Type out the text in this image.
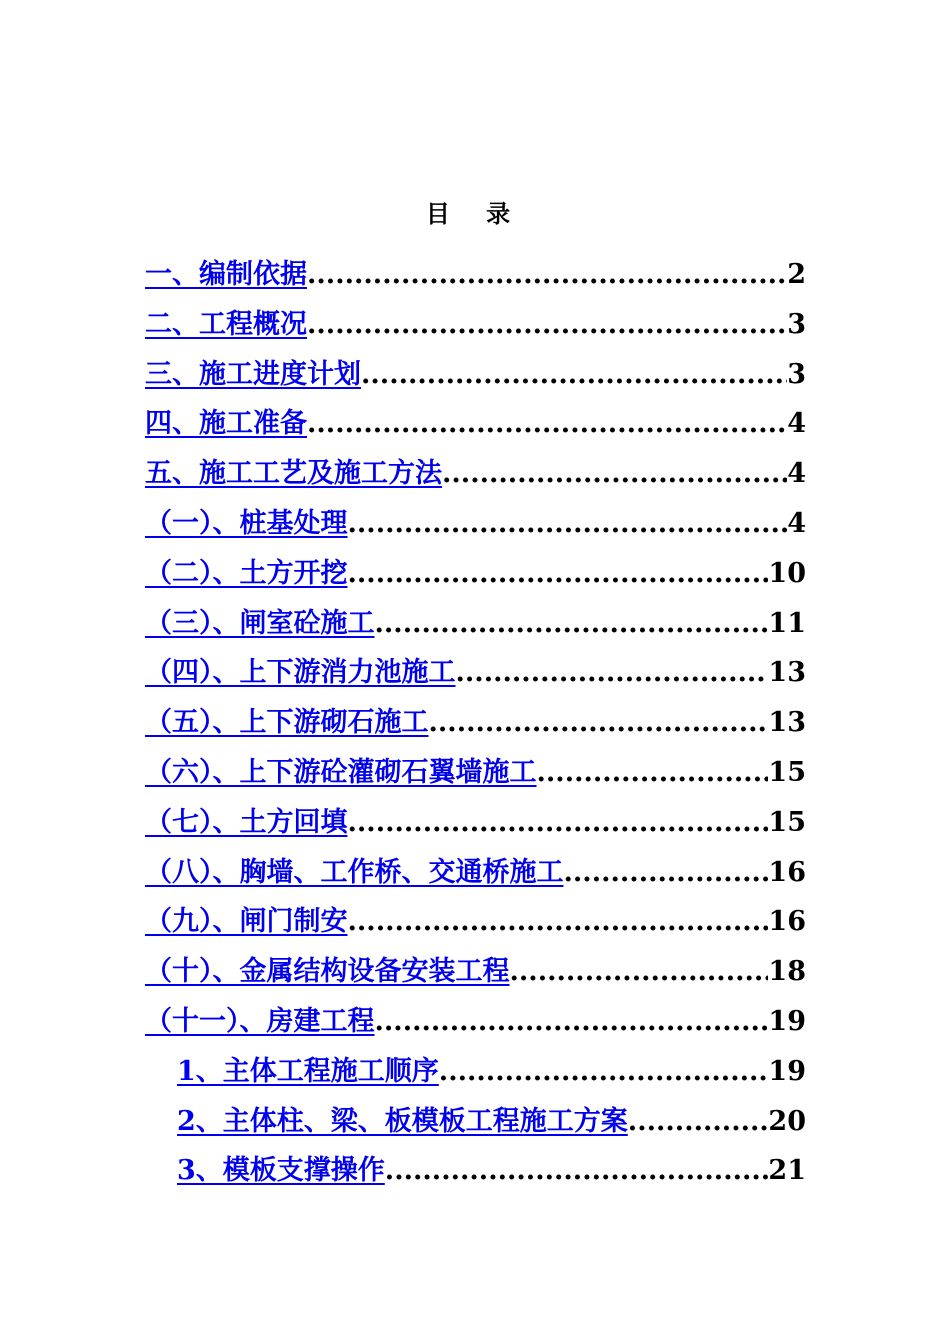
目 录
一、编制依据 .....	2
二、工程概况 .....	3
三、施工进度计划 .....	3
四、施工准备 .....	4
五、施工工艺及施工方法 .....	4
（一）、桩基处理 .....	4
（二）、土方开挖 .....	10
（三）、闸室砼施工 .....	11
（四）、上下游消力池施工 .....	13
（五）、上下游砌石施工 .....	13
（六）、上下游砼灌砌石翼墙施工 .....	15
（七）、土方回填 .....	15
（八）、胸墙、工作桥、交通桥施工 .....	16
（九）、闸门制安 .....	16
（十）、金属结构设备安装工程 .....	18
（十一）、房建工程 .....	19
1、主体工程施工顺序 .....	19
2、主体柱、梁、板模板工程施工方案 .....	20
3、模板支撑操作 .....	21
